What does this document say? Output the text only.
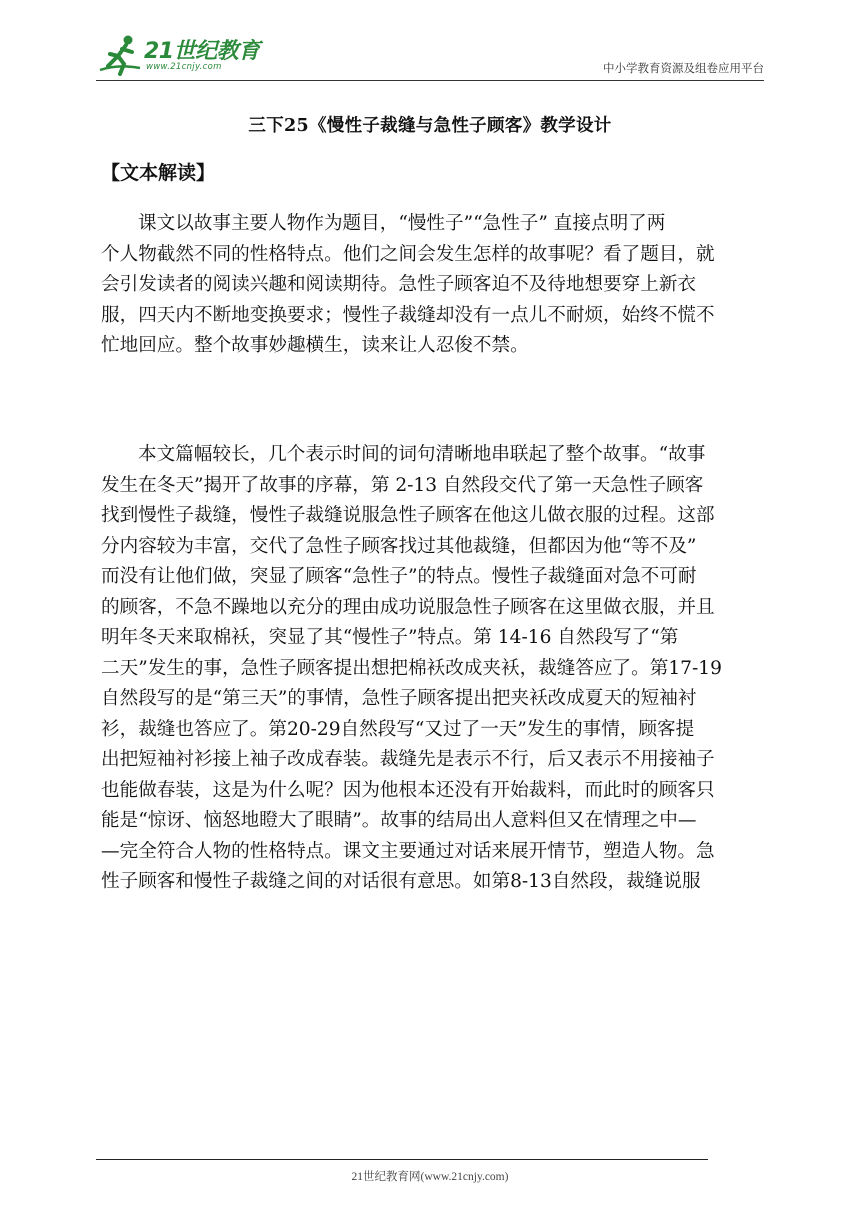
21世纪教育
www.21cnjy.com	中小学教育资源及组卷应用平台
三下25《慢性子裁缝与急性子顾客》教学设计
【文本解读】
课文以故事主要人物作为题目，“慢性子”“急性子” 直接点明了两
个人物截然不同的性格特点。他们之间会发生怎样的故事呢？看了题目，就
会引发读者的阅读兴趣和阅读期待。急性子顾客迫不及待地想要穿上新衣
服，四天内不断地变换要求；慢性子裁缝却没有一点儿不耐烦，始终不慌不
忙地回应。整个故事妙趣横生，读来让人忍俊不禁。
本文篇幅较长，几个表示时间的词句清晰地串联起了整个故事。“故事
发生在冬天”揭开了故事的序幕，第 2-13 自然段交代了第一天急性子顾客
找到慢性子裁缝，慢性子裁缝说服急性子顾客在他这儿做衣服的过程。这部
分内容较为丰富，交代了急性子顾客找过其他裁缝，但都因为他“等不及”
而没有让他们做，突显了顾客“急性子”的特点。慢性子裁缝面对急不可耐
的顾客，不急不躁地以充分的理由成功说服急性子顾客在这里做衣服，并且
明年冬天来取棉袄，突显了其“慢性子”特点。第 14-16 自然段写了“第
二天”发生的事，急性子顾客提出想把棉袄改成夹袄，裁缝答应了。第17-19
自然段写的是“第三天”的事情，急性子顾客提出把夹袄改成夏天的短袖衬
衫，裁缝也答应了。第20-29自然段写“又过了一天”发生的事情，顾客提
出把短袖衬衫接上袖子改成春装。裁缝先是表示不行，后又表示不用接袖子
也能做春装，这是为什么呢？因为他根本还没有开始裁料，而此时的顾客只
能是“惊讶、恼怒地瞪大了眼睛”。故事的结局出人意料但又在情理之中—
—完全符合人物的性格特点。课文主要通过对话来展开情节，塑造人物。急
性子顾客和慢性子裁缝之间的对话很有意思。如第8-13自然段，裁缝说服
21世纪教育网(www.21cnjy.com)
